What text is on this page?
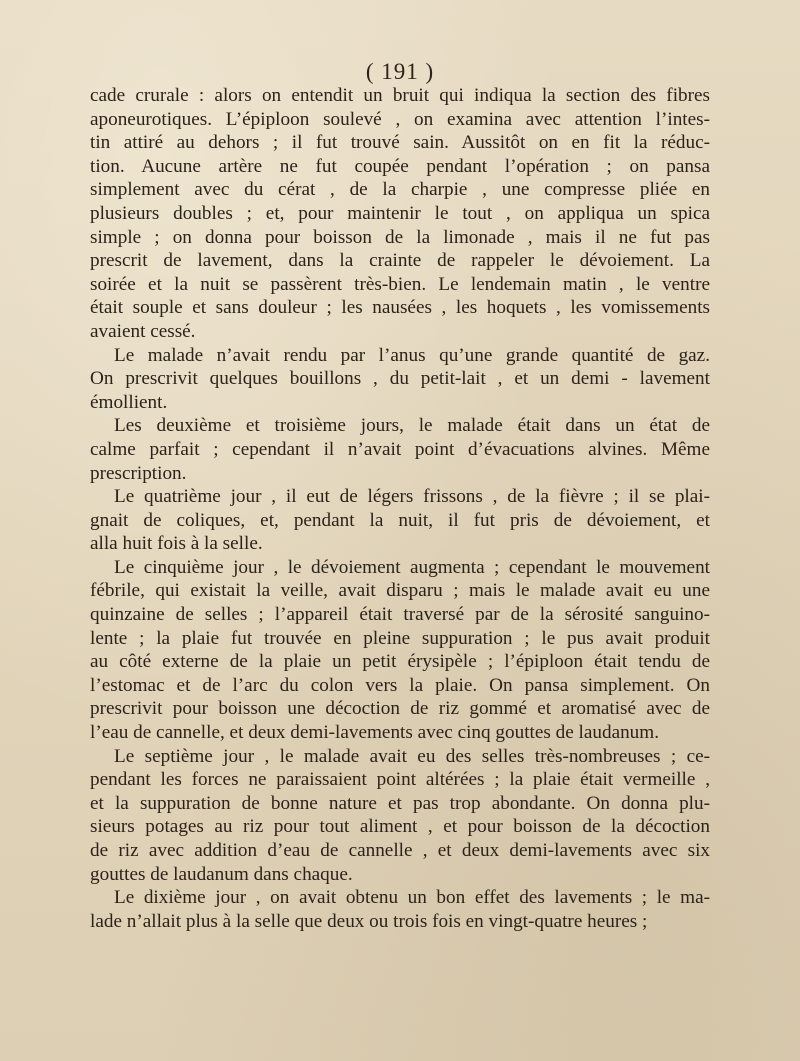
( 191 )
cade crurale : alors on entendit un bruit qui indiqua la section des fibres
aponeurotiques. L’épiploon soulevé , on examina avec attention l’intes-
tin attiré au dehors ; il fut trouvé sain. Aussitôt on en fit la réduc-
tion. Aucune artère ne fut coupée pendant l’opération ; on pansa
simplement avec du cérat , de la charpie , une compresse pliée en
plusieurs doubles ; et, pour maintenir le tout , on appliqua un spica
simple ; on donna pour boisson de la limonade , mais il ne fut pas
prescrit de lavement, dans la crainte de rappeler le dévoiement. La
soirée et la nuit se passèrent très-bien. Le lendemain matin , le ventre
était souple et sans douleur ; les nausées , les hoquets , les vomissements
avaient cessé.
Le malade n’avait rendu par l’anus qu’une grande quantité de gaz.
On prescrivit quelques bouillons , du petit-lait , et un demi - lavement
émollient.
Les deuxième et troisième jours, le malade était dans un état de
calme parfait ; cependant il n’avait point d’évacuations alvines. Même
prescription.
Le quatrième jour , il eut de légers frissons , de la fièvre ; il se plai-
gnait de coliques, et, pendant la nuit, il fut pris de dévoiement, et
alla huit fois à la selle.
Le cinquième jour , le dévoiement augmenta ; cependant le mouvement
fébrile, qui existait la veille, avait disparu ; mais le malade avait eu une
quinzaine de selles ; l’appareil était traversé par de la sérosité sanguino-
lente ; la plaie fut trouvée en pleine suppuration ; le pus avait produit
au côté externe de la plaie un petit érysipèle ; l’épiploon était tendu de
l’estomac et de l’arc du colon vers la plaie. On pansa simplement. On
prescrivit pour boisson une décoction de riz gommé et aromatisé avec de
l’eau de cannelle, et deux demi-lavements avec cinq gouttes de laudanum.
Le septième jour , le malade avait eu des selles très-nombreuses ; ce-
pendant les forces ne paraissaient point altérées ; la plaie était vermeille ,
et la suppuration de bonne nature et pas trop abondante. On donna plu-
sieurs potages au riz pour tout aliment , et pour boisson de la décoction
de riz avec addition d’eau de cannelle , et deux demi-lavements avec six
gouttes de laudanum dans chaque.
Le dixième jour , on avait obtenu un bon effet des lavements ; le ma-
lade n’allait plus à la selle que deux ou trois fois en vingt-quatre heures ;
